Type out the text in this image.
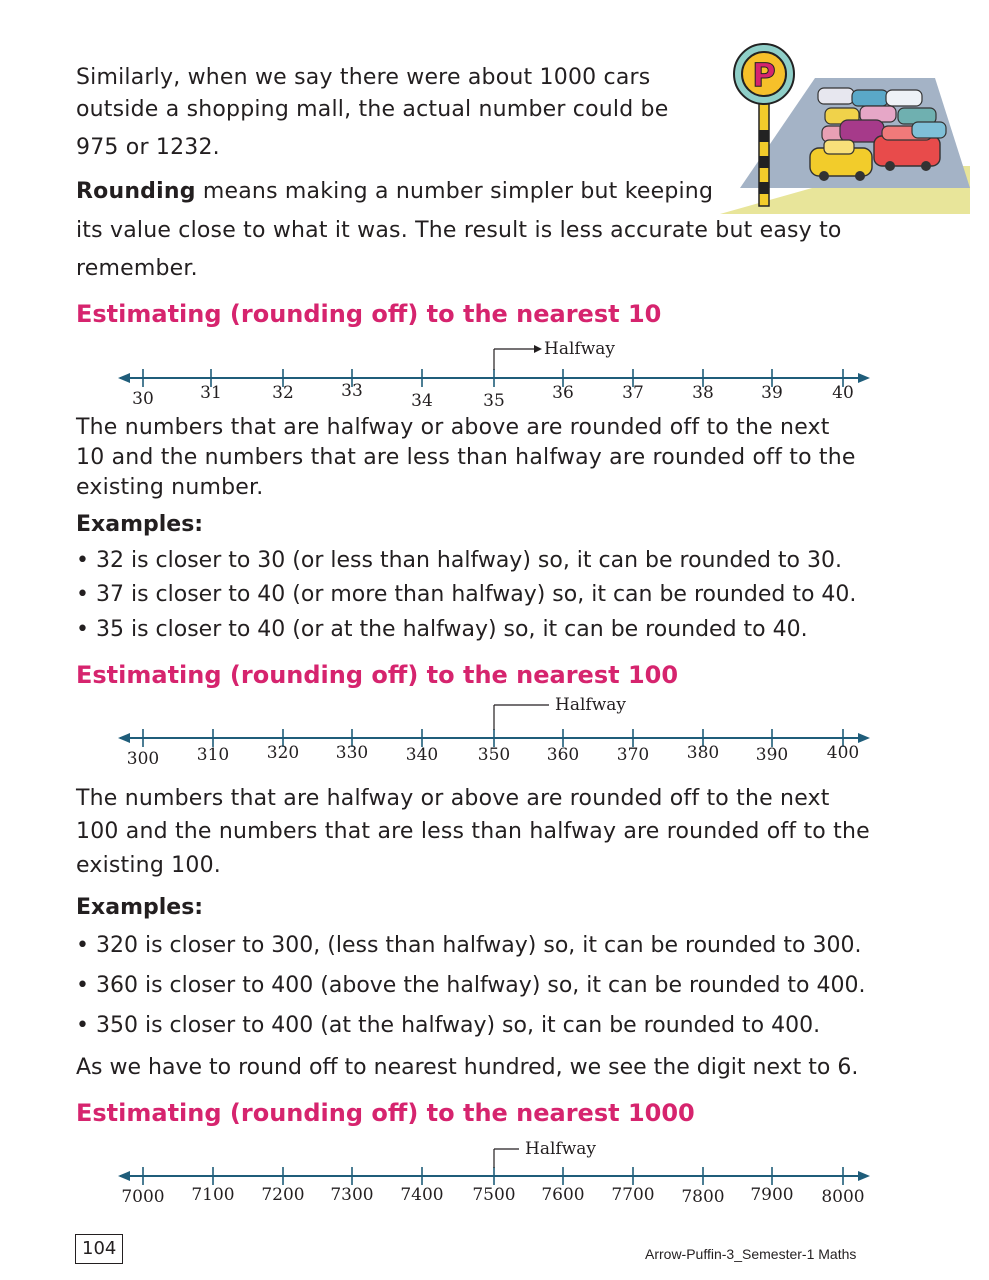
Similarly, when we say there were about 1000 cars
outside a shopping mall, the actual number could be
975 or 1232.
Rounding means making a number simpler but keeping
its value close to what it was. The result is less accurate but easy to
remember.
P
Estimating (rounding off) to the nearest 10
30	31	32	33	34	35	36	37	38	39	40
Halfway
300 310 320 330 340 350 360 370 380 390 400
Halfway
7000 7100 7200 7300 7400 7500 7600 7700 7800 7900 8000
Halfway
The numbers that are halfway or above are rounded off to the next
10 and the numbers that are less than halfway are rounded off to the
existing number.
Examples:
• 32 is closer to 30 (or less than halfway) so, it can be rounded to 30.
• 37 is closer to 40 (or more than halfway) so, it can be rounded to 40.
• 35 is closer to 40 (or at the halfway) so, it can be rounded to 40.
Estimating (rounding off) to the nearest 100
The numbers that are halfway or above are rounded off to the next
100 and the numbers that are less than halfway are rounded off to the
existing 100.
Examples:
• 320 is closer to 300, (less than halfway) so, it can be rounded to 300.
• 360 is closer to 400 (above the halfway) so, it can be rounded to 400.
• 350 is closer to 400 (at the halfway) so, it can be rounded to 400.
As we have to round off to nearest hundred, we see the digit next to 6.
Estimating (rounding off) to the nearest 1000
104	Arrow-Puffin-3_Semester-1 Maths
